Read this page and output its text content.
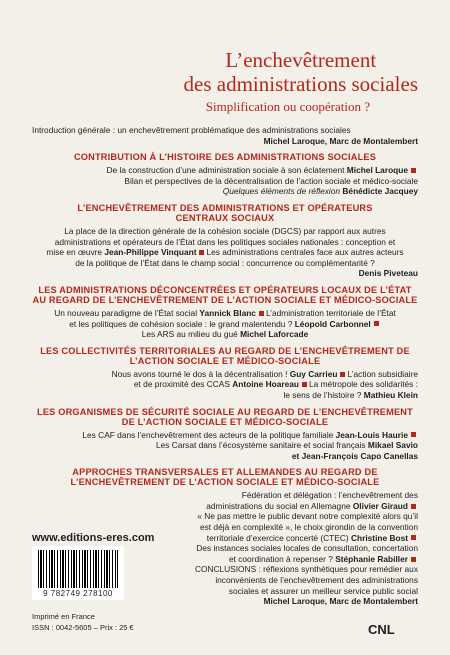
L’enchevêtrement
des administrations sociales
Simplification ou coopération ?
Introduction générale : un enchevêtrement problématique des administrations sociales
Michel Laroque, Marc de Montalembert
CONTRIBUTION À L’HISTOIRE DES ADMINISTRATIONS SOCIALES
De la construction d’une administration sociale à son éclatement Michel Laroque
Bilan et perspectives de la décentralisation de l’action sociale et médico-sociale
Quelques éléments de réflexion Bénédicte Jacquey
L’ENCHEVÊTREMENT DES ADMINISTRATIONS ET OPÉRATEURS CENTRAUX SOCIAUX
La place de la direction générale de la cohésion sociale (DGCS) par rapport aux autres
administrations et opérateurs de l’État dans les politiques sociales nationales : conception et
mise en œuvre Jean-Philippe Vinquant Les administrations centrales face aux autres acteurs
de la politique de l’État dans le champ social : concurrence ou complémentarité ?
Denis Piveteau
LES ADMINISTRATIONS DÉCONCENTRÉES ET OPÉRATEURS LOCAUX DE L’ÉTAT AU REGARD DE L’ENCHEVÊTREMENT DE L’ACTION SOCIALE ET MÉDICO-SOCIALE
Un nouveau paradigme de l’État social Yannick Blanc L’administration territoriale de l’État
et les politiques de cohésion sociale : le grand malentendu ? Léopold Carbonnel
Les ARS au milieu du gué Michel Laforcade
LES COLLECTIVITÉS TERRITORIALES AU REGARD DE L’ENCHEVÊTREMENT DE L’ACTION SOCIALE ET MÉDICO-SOCIALE
Nous avons tourné le dos à la décentralisation ! Guy Carrieu L’action subsidiaire
et de proximité des CCAS Antoine Hoareau La métropole des solidarités :
le sens de l’histoire ? Mathieu Klein
LES ORGANISMES DE SÉCURITÉ SOCIALE AU REGARD DE L’ENCHEVÊTREMENT DE L’ACTION SOCIALE ET MÉDICO-SOCIALE
Les CAF dans l’enchevêtrement des acteurs de la politique familiale Jean-Louis Haurie
Les Carsat dans l’écosystème sanitaire et social français Mikael Savio
et Jean-François Capo Canellas
APPROCHES TRANSVERSALES ET ALLEMANDES AU REGARD DE L’ENCHEVÊTREMENT DE L’ACTION SOCIALE ET MÉDICO-SOCIALE
Fédération et délégation : l’enchevêtrement des
administrations du social en Allemagne Olivier Giraud
« Ne pas mettre le public devant notre complexité alors qu’il
est déjà en complexité », le choix girondin de la convention
territoriale d’exercice concerté (CTEC) Christine Bost
Des instances sociales locales de consultation, concertation
et coordination à repenser ? Stéphanie Rabiller
CONCLUSIONS : réflexions synthétiques pour remédier aux
inconvénients de l’enchevêtrement des administrations
sociales et assurer un meilleur service public social
Michel Laroque, Marc de Montalembert
www.editions-eres.com
9 782749 278100
Imprimé en France
ISSN : 0042-5605 – Prix : 25 €	CNL
